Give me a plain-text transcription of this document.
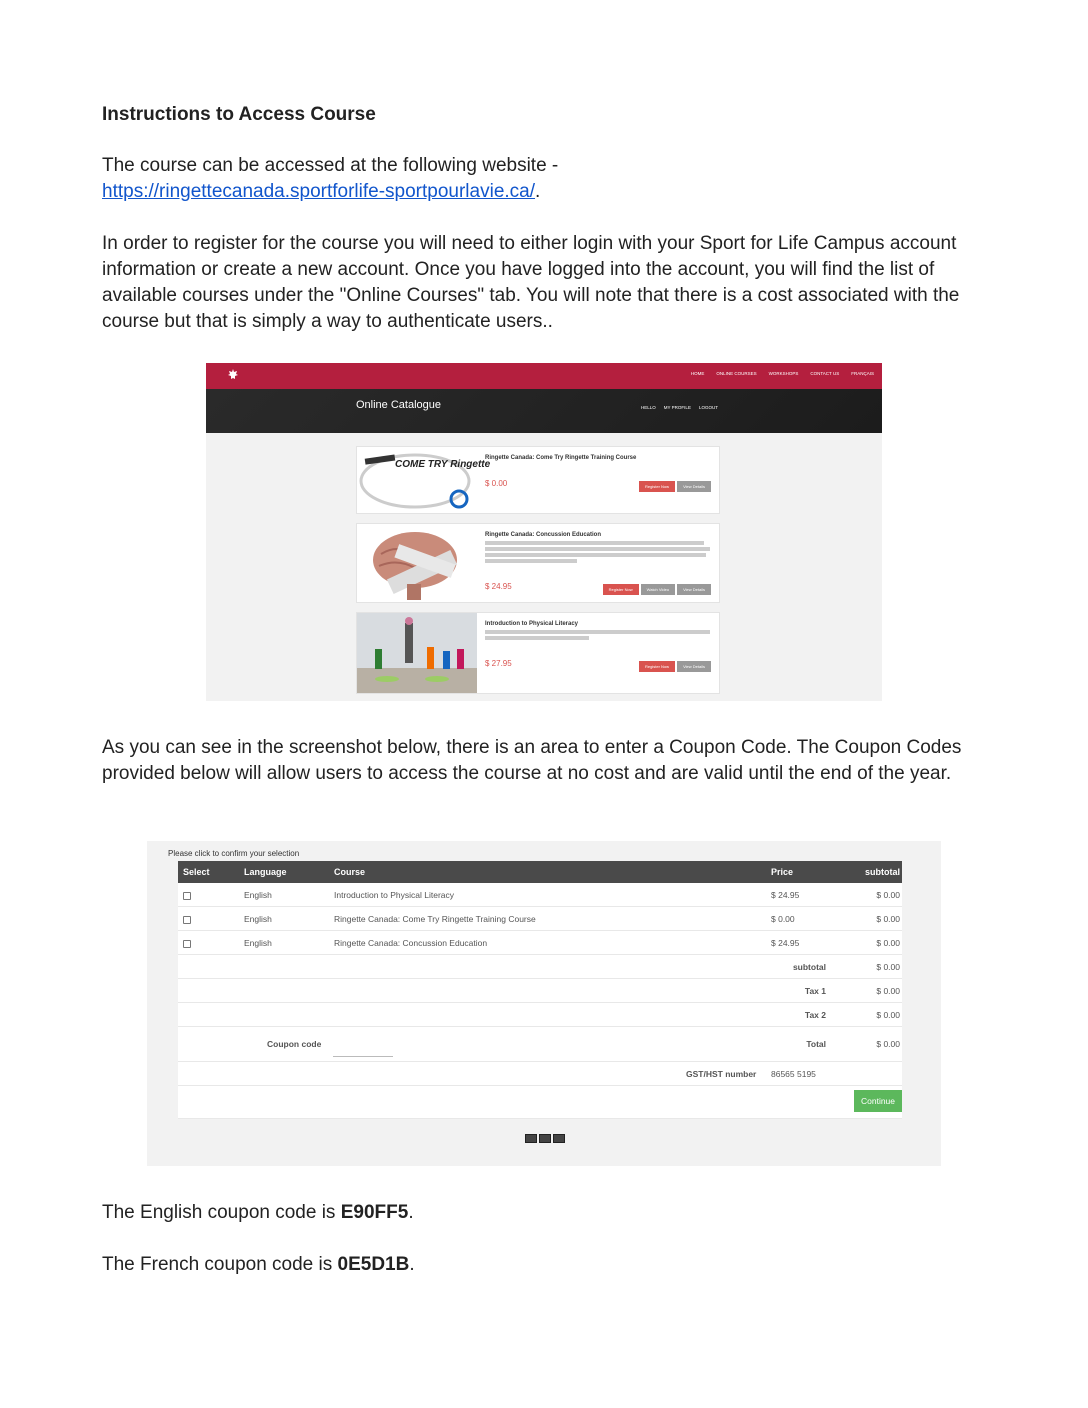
Instructions to Access Course
The course can be accessed at the following website -
https://ringettecanada.sportforlife-sportpourlavie.ca/.
In order to register for the course you will need to either login with your Sport for Life Campus account information or create a new account. Once you have logged into the account, you will find the list of available courses under the "Online Courses" tab. You will note that there is a cost associated with the course but that is simply a way to authenticate users..
HOME	ONLINE COURSES	WORKSHOPS	CONTACT US	FRANÇAIS
Online Catalogue	HELLO MY PROFILE LOGOUT
COME TRY Ringette
Ringette Canada: Come Try Ringette Training Course
$ 0.00	Register Now	View Details
Ringette Canada: Concussion Education
$ 24.95	Register Now	Watch Video	View Details
Introduction to Physical Literacy
$ 27.95	Register Now	View Details
As you can see in the screenshot below, there is an area to enter a Coupon Code. The Coupon Codes provided below will allow users to access the course at no cost and are valid until the end of the year.
Please click to confirm your selection
Select	Language	Course	Price	subtotal
English	Introduction to Physical Literacy	$ 24.95	$ 0.00
English	Ringette Canada: Come Try Ringette Training Course	$ 0.00	$ 0.00
English	Ringette Canada: Concussion Education	$ 24.95	$ 0.00
subtotal	$ 0.00
Tax 1	$ 0.00
Tax 2	$ 0.00
Coupon code	Total	$ 0.00
GST/HST number 86565 5195
Continue
The English coupon code is E90FF5.
The French coupon code is 0E5D1B.
